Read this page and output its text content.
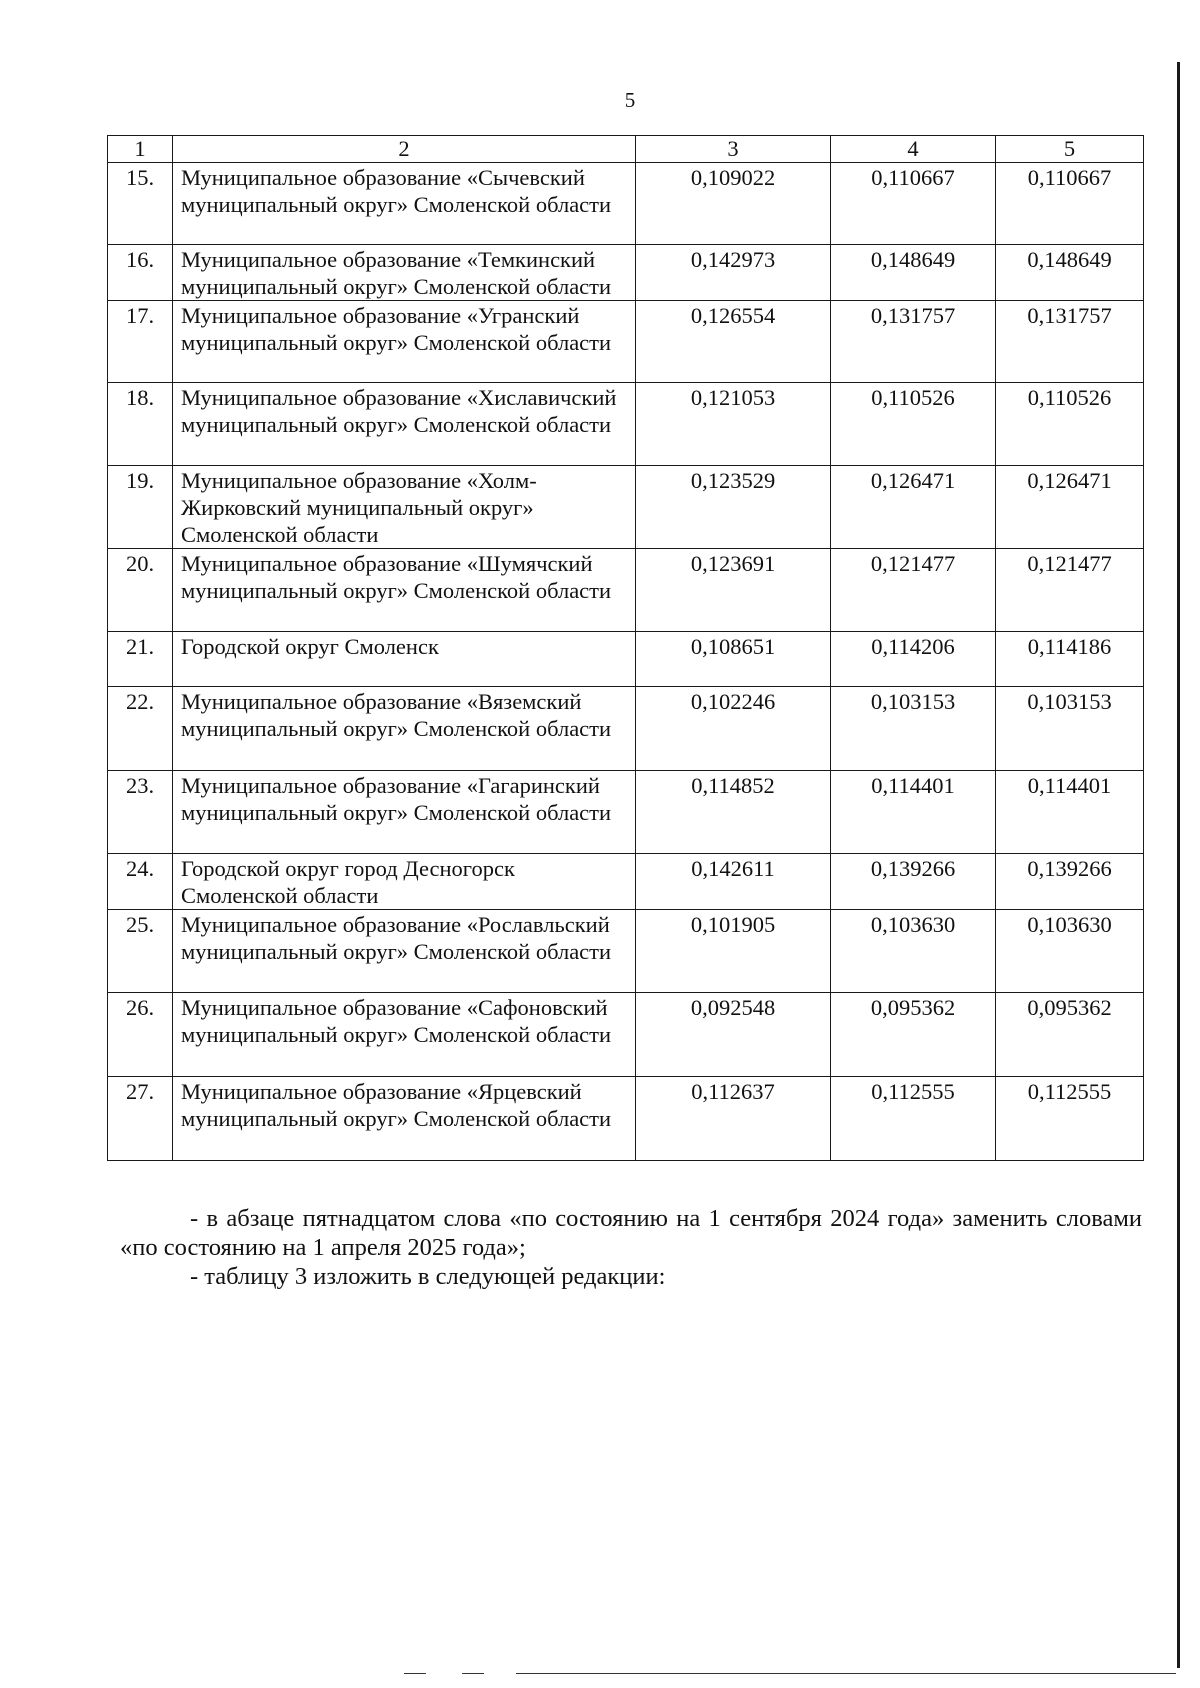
5
1	2	3	4	5
15.	Муниципальное образование «Сычевский муниципальный округ» Смоленской области	0,109022	0,110667	0,110667
16.	Муниципальное образование «Темкинский муниципальный округ» Смоленской области	0,142973	0,148649	0,148649
17.	Муниципальное образование «Угранский муниципальный округ» Смоленской области	0,126554	0,131757	0,131757
18.	Муниципальное образование «Хиславичский муниципальный округ» Смоленской области	0,121053	0,110526	0,110526
19.	Муниципальное образование «Холм-Жирковский муниципальный округ» Смоленской области	0,123529	0,126471	0,126471
20.	Муниципальное образование «Шумячский муниципальный округ» Смоленской области	0,123691	0,121477	0,121477
21.	Городской округ Смоленск	0,108651	0,114206	0,114186
22.	Муниципальное образование «Вяземский муниципальный округ» Смоленской области	0,102246	0,103153	0,103153
23.	Муниципальное образование «Гагаринский муниципальный округ» Смоленской области	0,114852	0,114401	0,114401
24.	Городской округ город Десногорск Смоленской области	0,142611	0,139266	0,139266
25.	Муниципальное образование «Рославльский муниципальный округ» Смоленской области	0,101905	0,103630	0,103630
26.	Муниципальное образование «Сафоновский муниципальный округ» Смоленской области	0,092548	0,095362	0,095362
27.	Муниципальное образование «Ярцевский муниципальный округ» Смоленской области	0,112637	0,112555	0,112555

- в абзаце пятнадцатом слова «по состоянию на 1 сентября 2024 года» заменить словами «по состоянию на 1 апреля 2025 года»;

- таблицу 3 изложить в следующей редакции:
